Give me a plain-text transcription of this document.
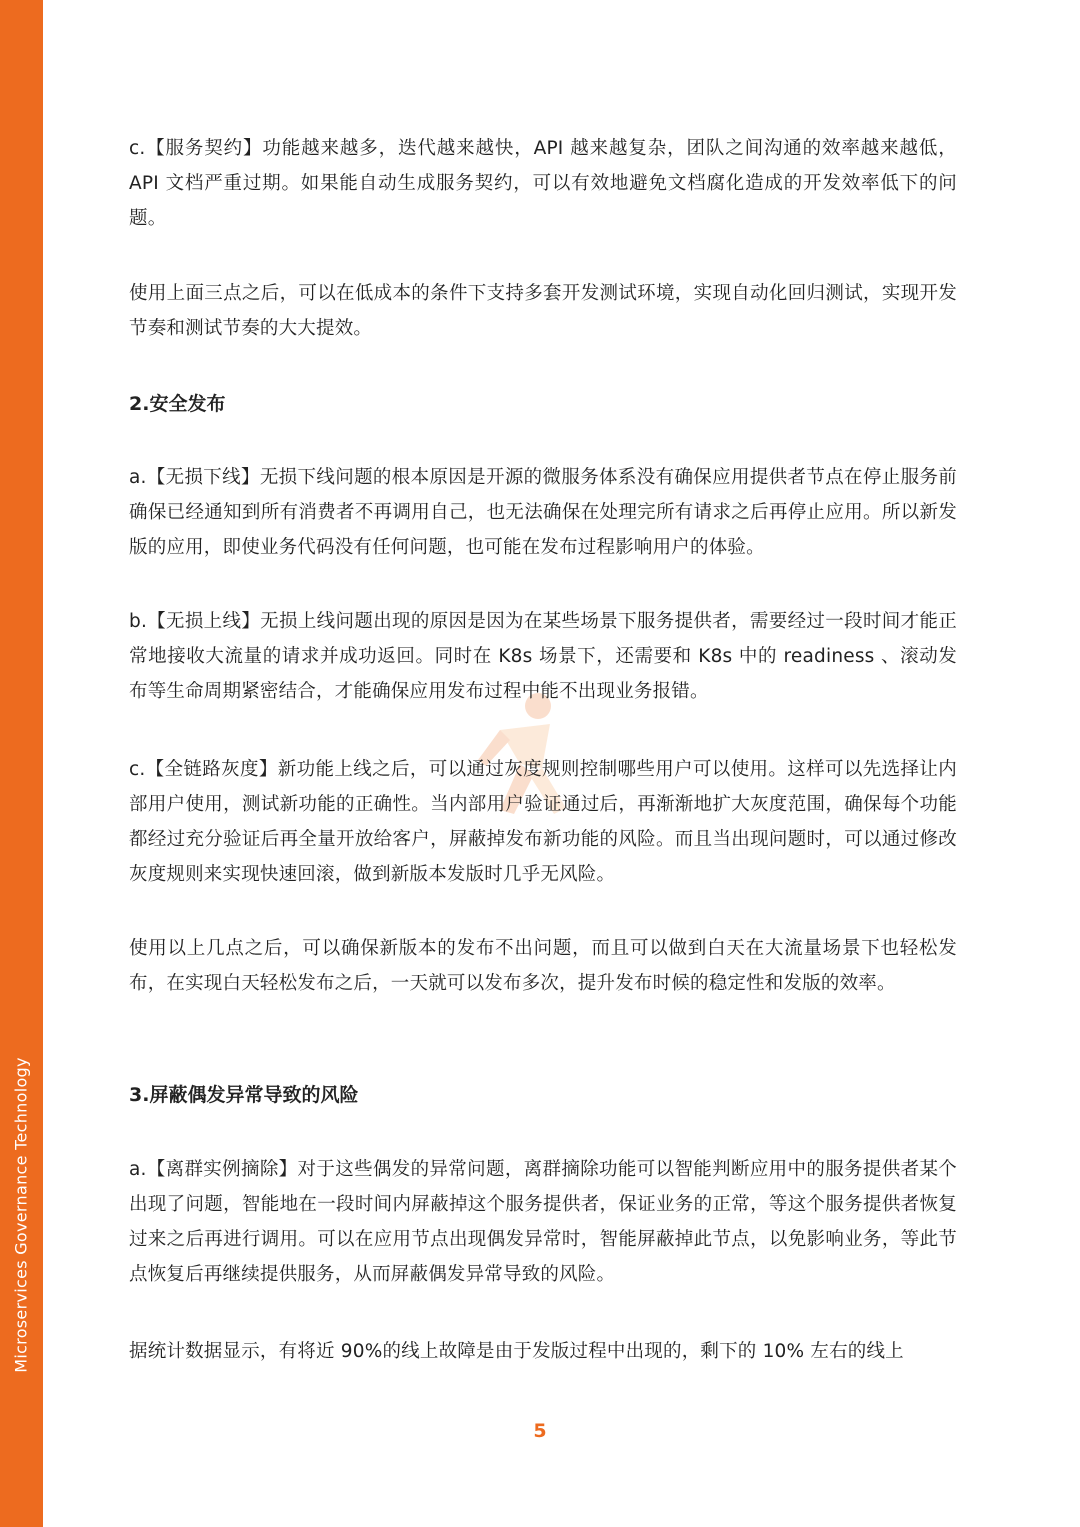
Microservices Governance Technology

c.【服务契约】功能越来越多，迭代越来越快，API 越来越复杂，团队之间沟通的效率越来越低，API 文档严重过期。如果能自动生成服务契约，可以有效地避免文档腐化造成的开发效率低下的问题。

使用上面三点之后，可以在低成本的条件下支持多套开发测试环境，实现自动化回归测试，实现开发节奏和测试节奏的大大提效。

2.安全发布

a.【无损下线】无损下线问题的根本原因是开源的微服务体系没有确保应用提供者节点在停止服务前确保已经通知到所有消费者不再调用自己，也无法确保在处理完所有请求之后再停止应用。所以新发版的应用，即使业务代码没有任何问题，也可能在发布过程影响用户的体验。

b.【无损上线】无损上线问题出现的原因是因为在某些场景下服务提供者，需要经过一段时间才能正常地接收大流量的请求并成功返回。同时在 K8s 场景下，还需要和 K8s 中的 readiness 、滚动发布等生命周期紧密结合，才能确保应用发布过程中能不出现业务报错。

c.【全链路灰度】新功能上线之后，可以通过灰度规则控制哪些用户可以使用。这样可以先选择让内部用户使用，测试新功能的正确性。当内部用户验证通过后，再渐渐地扩大灰度范围，确保每个功能都经过充分验证后再全量开放给客户，屏蔽掉发布新功能的风险。而且当出现问题时，可以通过修改灰度规则来实现快速回滚，做到新版本发版时几乎无风险。

使用以上几点之后，可以确保新版本的发布不出问题，而且可以做到白天在大流量场景下也轻松发布，在实现白天轻松发布之后，一天就可以发布多次，提升发布时候的稳定性和发版的效率。

3.屏蔽偶发异常导致的风险

a.【离群实例摘除】对于这些偶发的异常问题，离群摘除功能可以智能判断应用中的服务提供者某个出现了问题，智能地在一段时间内屏蔽掉这个服务提供者，保证业务的正常，等这个服务提供者恢复过来之后再进行调用。可以在应用节点出现偶发异常时，智能屏蔽掉此节点，以免影响业务，等此节点恢复后再继续提供服务，从而屏蔽偶发异常导致的风险。

据统计数据显示，有将近 90%的线上故障是由于发版过程中出现的，剩下的 10% 左右的线上

5
